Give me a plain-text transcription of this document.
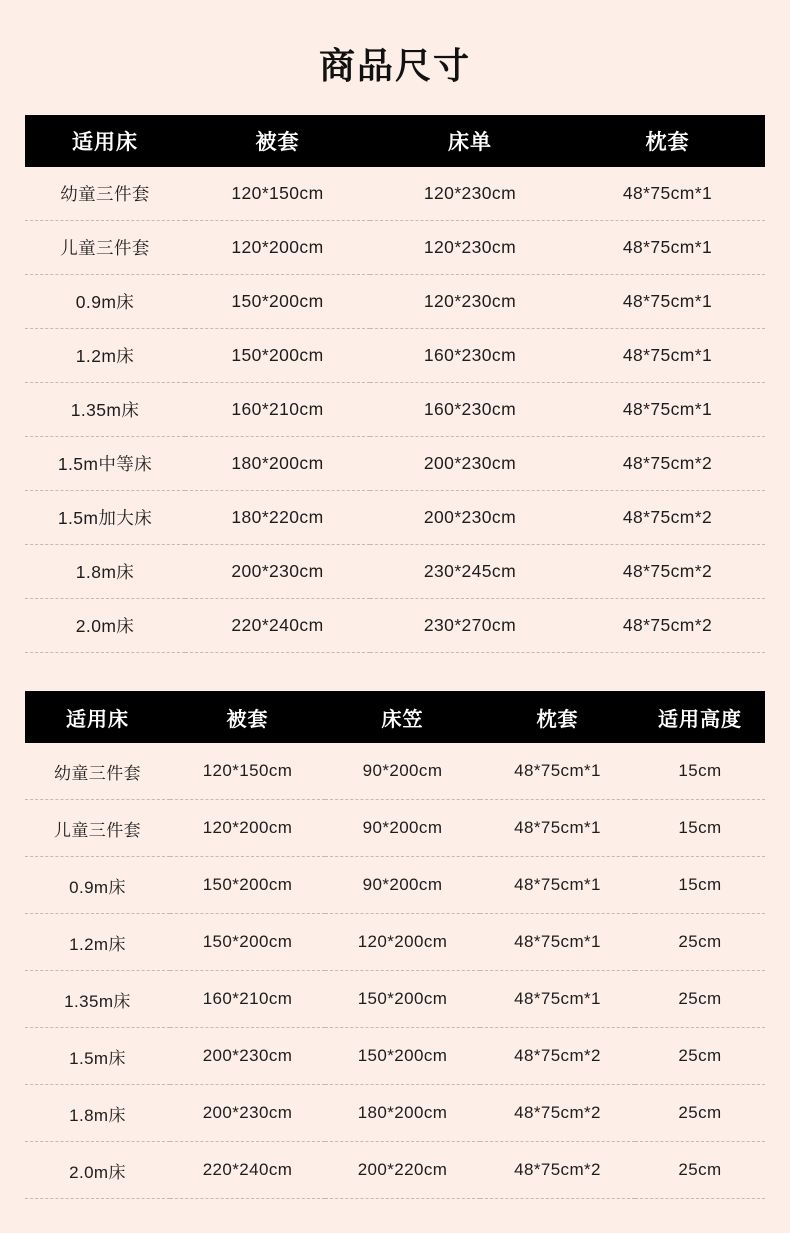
商品尺寸
适用床	被套	床单	枕套
幼童三件套	120*150cm	120*230cm	48*75cm*1
儿童三件套	120*200cm	120*230cm	48*75cm*1
0.9m床	150*200cm	120*230cm	48*75cm*1
1.2m床	150*200cm	160*230cm	48*75cm*1
1.35m床	160*210cm	160*230cm	48*75cm*1
1.5m中等床	180*200cm	200*230cm	48*75cm*2
1.5m加大床	180*220cm	200*230cm	48*75cm*2
1.8m床	200*230cm	230*245cm	48*75cm*2
2.0m床	220*240cm	230*270cm	48*75cm*2
适用床	被套	床笠	枕套	适用高度
幼童三件套	120*150cm	90*200cm	48*75cm*1	15cm
儿童三件套	120*200cm	90*200cm	48*75cm*1	15cm
0.9m床	150*200cm	90*200cm	48*75cm*1	15cm
1.2m床	150*200cm	120*200cm	48*75cm*1	25cm
1.35m床	160*210cm	150*200cm	48*75cm*1	25cm
1.5m床	200*230cm	150*200cm	48*75cm*2	25cm
1.8m床	200*230cm	180*200cm	48*75cm*2	25cm
2.0m床	220*240cm	200*220cm	48*75cm*2	25cm
